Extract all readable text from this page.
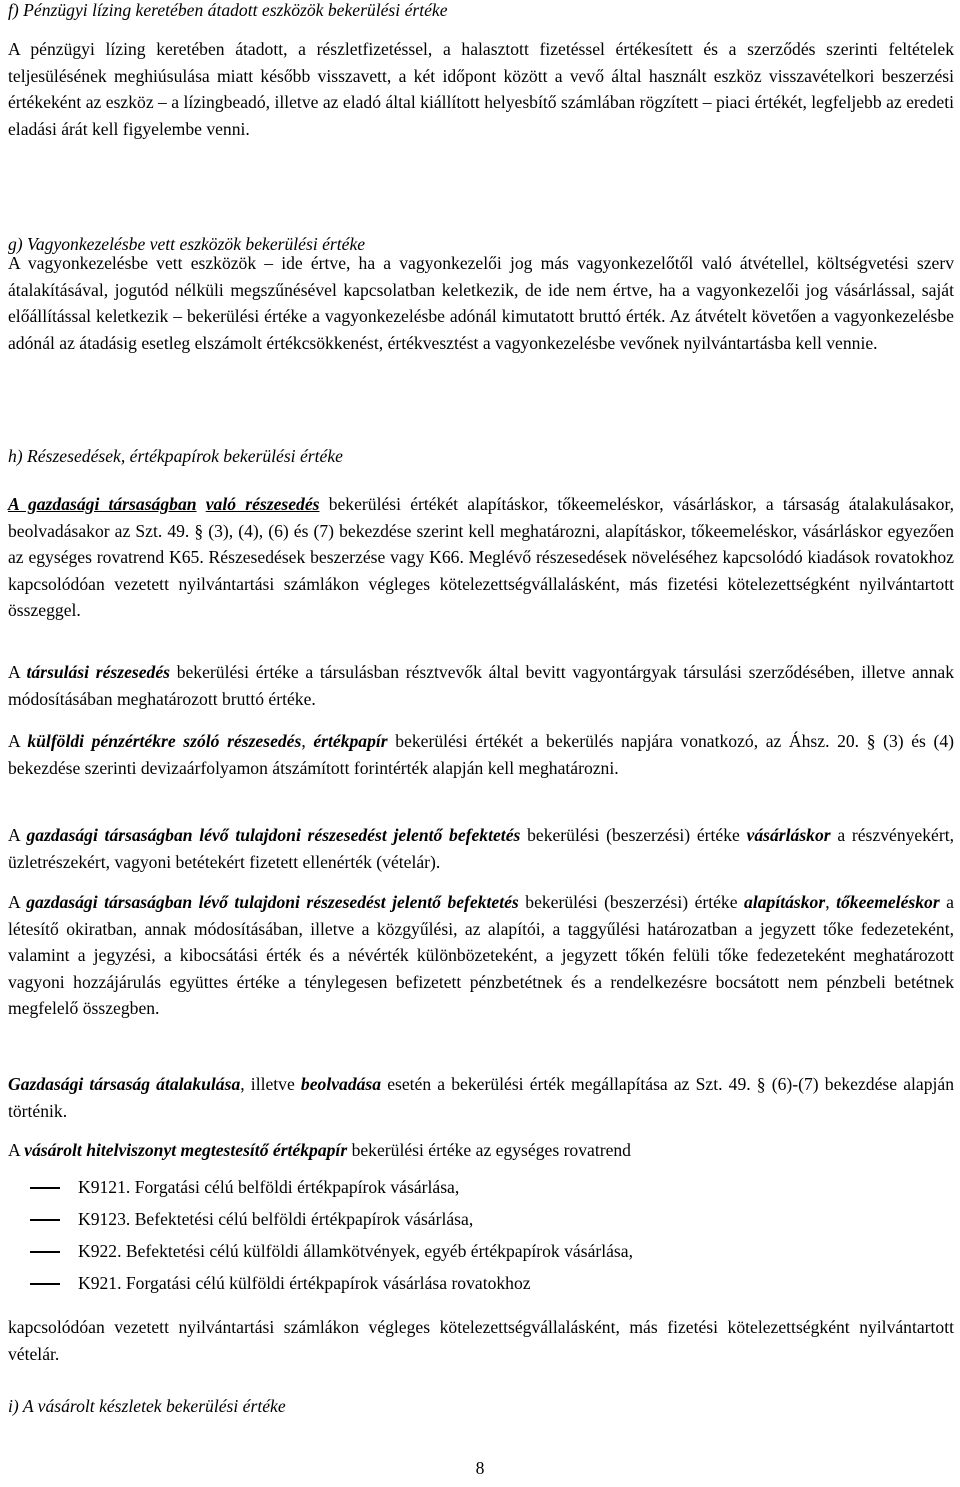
f) Pénzügyi lízing keretében átadott eszközök bekerülési értéke

A pénzügyi lízing keretében átadott, a részletfizetéssel, a halasztott fizetéssel értékesített és a szerződés szerinti feltételek teljesülésének meghiúsulása miatt később visszavett, a két időpont között a vevő által használt eszköz visszavételkori beszerzési értékeként az eszköz ‒ a lízingbeadó, illetve az eladó által kiállított helyesbítő számlában rögzített ‒ piaci értékét, legfeljebb az eredeti eladási árát kell figyelembe venni.

g) Vagyonkezelésbe vett eszközök bekerülési értéke

A vagyonkezelésbe vett eszközök ‒ ide értve, ha a vagyonkezelői jog más vagyonkezelőtől való átvétellel, költségvetési szerv átalakításával, jogutód nélküli megszűnésével kapcsolatban keletkezik, de ide nem értve, ha a vagyonkezelői jog vásárlással, saját előállítással keletkezik ‒ bekerülési értéke a vagyonkezelésbe adónál kimutatott bruttó érték. Az átvételt követően a vagyonkezelésbe adónál az átadásig esetleg elszámolt értékcsökkenést, értékvesztést a vagyonkezelésbe vevőnek nyilvántartásba kell vennie.

h) Részesedések, értékpapírok bekerülési értéke

A gazdasági társaságban való részesedés bekerülési értékét alapításkor, tőkeemeléskor, vásárláskor, a társaság átalakulásakor, beolvadásakor az Szt. 49. § (3), (4), (6) és (7) bekezdése szerint kell meghatározni, alapításkor, tőkeemeléskor, vásárláskor egyezően az egységes rovatrend K65. Részesedések beszerzése vagy K66. Meglévő részesedések növeléséhez kapcsolódó kiadások rovatokhoz kapcsolódóan vezetett nyilvántartási számlákon végleges kötelezettségvállalásként, más fizetési kötelezettségként nyilvántartott összeggel.

A társulási részesedés bekerülési értéke a társulásban résztvevők által bevitt vagyontárgyak társulási szerződésében, illetve annak módosításában meghatározott bruttó értéke.

A külföldi pénzértékre szóló részesedés, értékpapír bekerülési értékét a bekerülés napjára vonatkozó, az Áhsz. 20. § (3) és (4) bekezdése szerinti devizaárfolyamon átszámított forintérték alapján kell meghatározni.

A gazdasági társaságban lévő tulajdoni részesedést jelentő befektetés bekerülési (beszerzési) értéke vásárláskor a részvényekért, üzletrészekért, vagyoni betétekért fizetett ellenérték (vételár).

A gazdasági társaságban lévő tulajdoni részesedést jelentő befektetés bekerülési (beszerzési) értéke alapításkor, tőkeemeléskor a létesítő okiratban, annak módosításában, illetve a közgyűlési, az alapítói, a taggyűlési határozatban a jegyzett tőke fedezeteként, valamint a jegyzési, a kibocsátási érték és a névérték különbözeteként, a jegyzett tőkén felüli tőke fedezeteként meghatározott vagyoni hozzájárulás együttes értéke a ténylegesen befizetett pénzbetétnek és a rendelkezésre bocsátott nem pénzbeli betétnek megfelelő összegben.

Gazdasági társaság átalakulása, illetve beolvadása esetén a bekerülési érték megállapítása az Szt. 49. § (6)-(7) bekezdése alapján történik.

A vásárolt hitelviszonyt megtestesítő értékpapír bekerülési értéke az egységes rovatrend

K9121. Forgatási célú belföldi értékpapírok vásárlása,
K9123. Befektetési célú belföldi értékpapírok vásárlása,
K922. Befektetési célú külföldi államkötvények, egyéb értékpapírok vásárlása,
K921. Forgatási célú külföldi értékpapírok vásárlása rovatokhoz

kapcsolódóan vezetett nyilvántartási számlákon végleges kötelezettségvállalásként, más fizetési kötelezettségként nyilvántartott vételár.

i) A vásárolt készletek bekerülési értéke

8
